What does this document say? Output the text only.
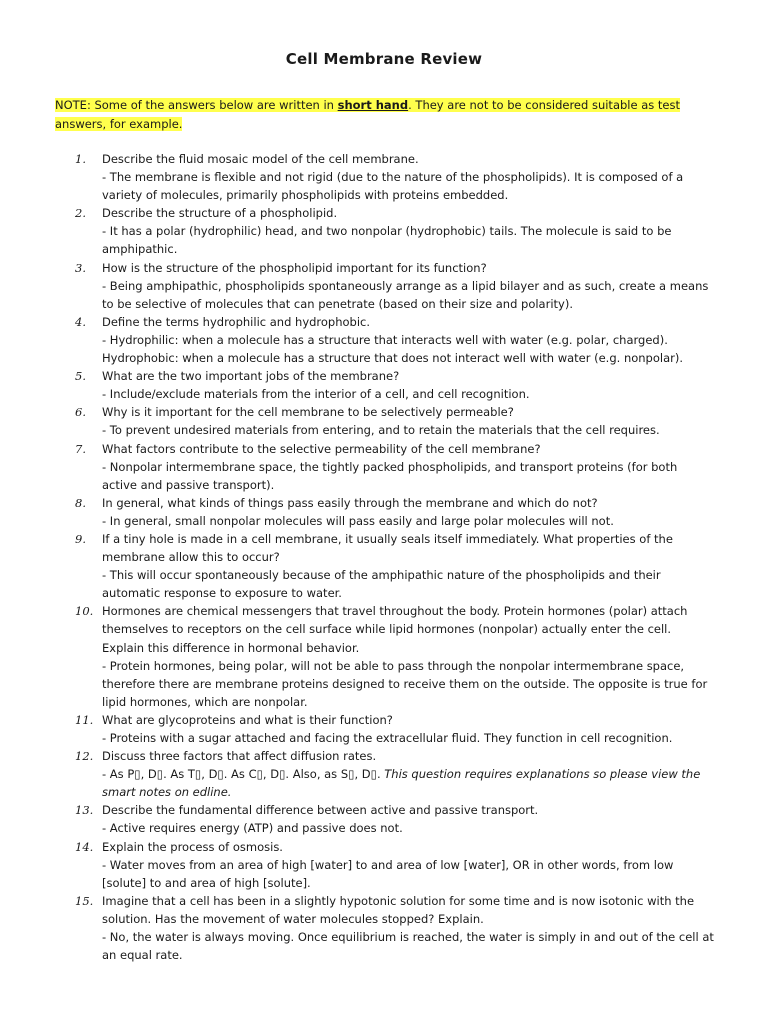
Cell Membrane Review
NOTE: Some of the answers below are written in short hand. They are not to be considered suitable as test answers, for example.
1.	Describe the fluid mosaic model of the cell membrane.
- The membrane is flexible and not rigid (due to the nature of the phospholipids). It is composed of a variety of molecules, primarily phospholipids with proteins embedded.
2.	Describe the structure of a phospholipid.
- It has a polar (hydrophilic) head, and two nonpolar (hydrophobic) tails. The molecule is said to be amphipathic.
3.	How is the structure of the phospholipid important for its function?
- Being amphipathic, phospholipids spontaneously arrange as a lipid bilayer and as such, create a means to be selective of molecules that can penetrate (based on their size and polarity).
4.	Define the terms hydrophilic and hydrophobic.
- Hydrophilic: when a molecule has a structure that interacts well with water (e.g. polar, charged).
Hydrophobic: when a molecule has a structure that does not interact well with water (e.g. nonpolar).
5.	What are the two important jobs of the membrane?
- Include/exclude materials from the interior of a cell, and cell recognition.
6.	Why is it important for the cell membrane to be selectively permeable?
- To prevent undesired materials from entering, and to retain the materials that the cell requires.
7.	What factors contribute to the selective permeability of the cell membrane?
- Nonpolar intermembrane space, the tightly packed phospholipids, and transport proteins (for both active and passive transport).
8.	In general, what kinds of things pass easily through the membrane and which do not?
- In general, small nonpolar molecules will pass easily and large polar molecules will not.
9.	If a tiny hole is made in a cell membrane, it usually seals itself immediately. What properties of the membrane allow this to occur?
- This will occur spontaneously because of the amphipathic nature of the phospholipids and their automatic response to exposure to water.
10. Hormones are chemical messengers that travel throughout the body. Protein hormones (polar) attach themselves to receptors on the cell surface while lipid hormones (nonpolar) actually enter the cell. Explain this difference in hormonal behavior.
- Protein hormones, being polar, will not be able to pass through the nonpolar intermembrane space, therefore there are membrane proteins designed to receive them on the outside. The opposite is true for lipid hormones, which are nonpolar.
11. What are glycoproteins and what is their function?
- Proteins with a sugar attached and facing the extracellular fluid. They function in cell recognition.
12. Discuss three factors that affect diffusion rates.
- As P▯, D▯. As T▯, D▯. As C▯, D▯. Also, as S▯, D▯. This question requires explanations so please view the smart notes on edline.
13. Describe the fundamental difference between active and passive transport.
- Active requires energy (ATP) and passive does not.
14. Explain the process of osmosis.
- Water moves from an area of high [water] to and area of low [water], OR in other words, from low [solute] to and area of high [solute].
15. Imagine that a cell has been in a slightly hypotonic solution for some time and is now isotonic with the solution. Has the movement of water molecules stopped? Explain.
- No, the water is always moving. Once equilibrium is reached, the water is simply in and out of the cell at an equal rate.
